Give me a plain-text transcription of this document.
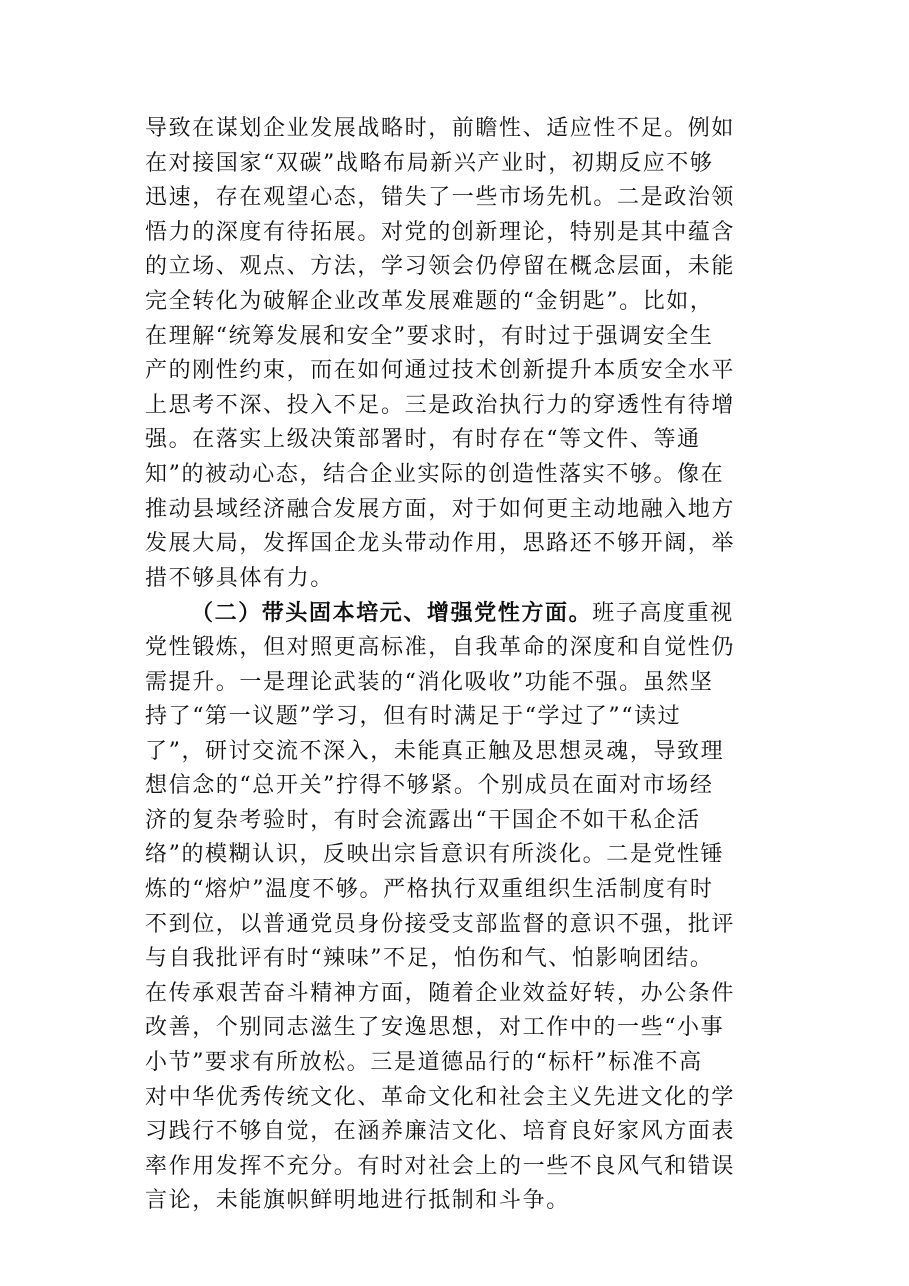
导致在谋划企业发展战略时，前瞻性、适应性不足。例如
在对接国家“双碳”战略布局新兴产业时，初期反应不够
迅速，存在观望心态，错失了一些市场先机。二是政治领
悟力的深度有待拓展。对党的创新理论，特别是其中蕴含
的立场、观点、方法，学习领会仍停留在概念层面，未能
完全转化为破解企业改革发展难题的“金钥匙”。比如，
在理解“统筹发展和安全”要求时，有时过于强调安全生
产的刚性约束，而在如何通过技术创新提升本质安全水平
上思考不深、投入不足。三是政治执行力的穿透性有待增
强。在落实上级决策部署时，有时存在“等文件、等通
知”的被动心态，结合企业实际的创造性落实不够。像在
推动县域经济融合发展方面，对于如何更主动地融入地方
发展大局，发挥国企龙头带动作用，思路还不够开阔，举
措不够具体有力。
（二）带头固本培元、增强党性方面。班子高度重视
党性锻炼，但对照更高标准，自我革命的深度和自觉性仍
需提升。一是理论武装的“消化吸收”功能不强。虽然坚
持了“第一议题”学习，但有时满足于“学过了”“读过
了”，研讨交流不深入，未能真正触及思想灵魂，导致理
想信念的“总开关”拧得不够紧。个别成员在面对市场经
济的复杂考验时，有时会流露出“干国企不如干私企活
络”的模糊认识，反映出宗旨意识有所淡化。二是党性锤
炼的“熔炉”温度不够。严格执行双重组织生活制度有时
不到位，以普通党员身份接受支部监督的意识不强，批评
与自我批评有时“辣味”不足，怕伤和气、怕影响团结。
在传承艰苦奋斗精神方面，随着企业效益好转，办公条件
改善，个别同志滋生了安逸思想，对工作中的一些“小事
小节”要求有所放松。三是道德品行的“标杆”标准不高
对中华优秀传统文化、革命文化和社会主义先进文化的学
习践行不够自觉，在涵养廉洁文化、培育良好家风方面表
率作用发挥不充分。有时对社会上的一些不良风气和错误
言论，未能旗帜鲜明地进行抵制和斗争。
